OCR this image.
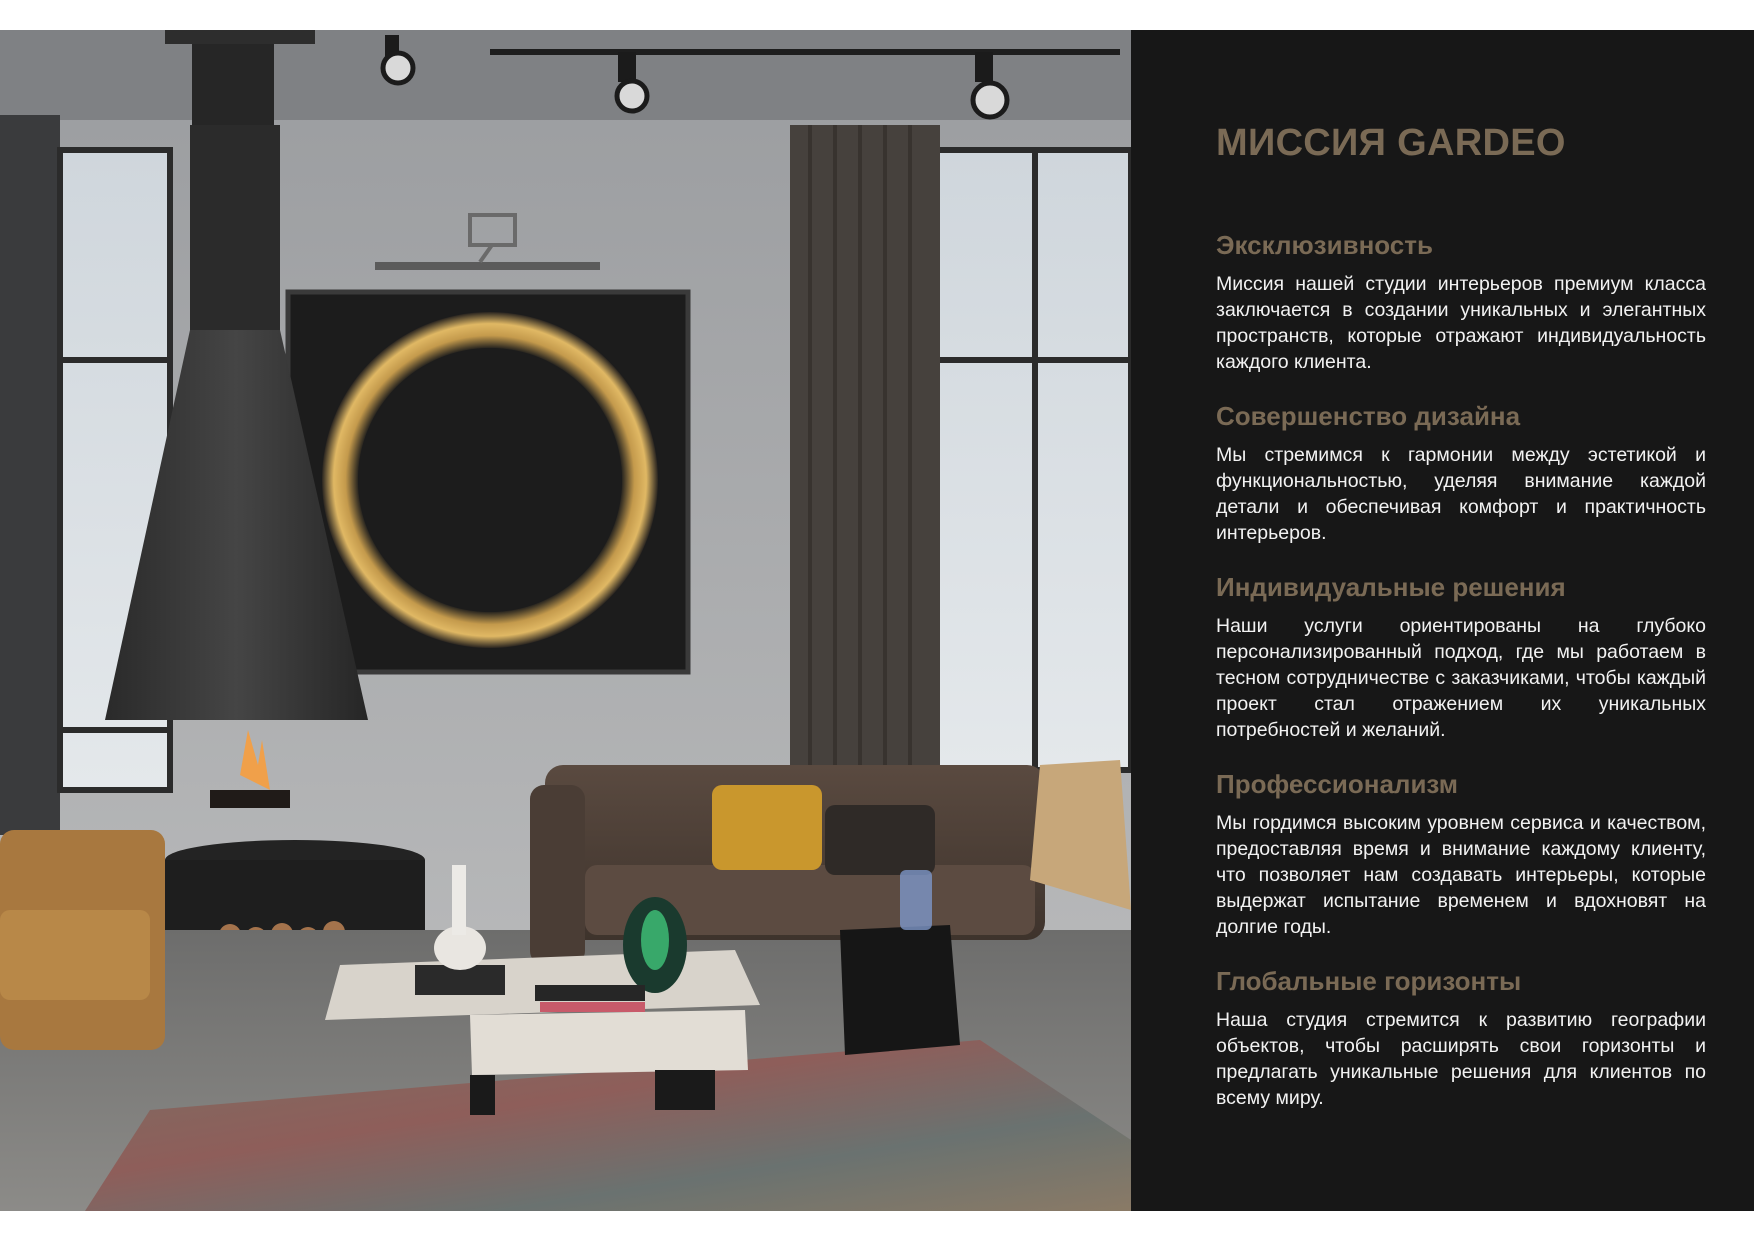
МИССИЯ GARDEO
Эксклюзивность

Миссия нашей студии интерьеров премиум класса заключается в создании уникальных и элегантных пространств, которые отражают индивидуальность каждого клиента.

Совершенство дизайна

Мы стремимся к гармонии между эстетикой и функциональностью, уделяя внимание каждой детали и обеспечивая комфорт и практичность интерьеров.

Индивидуальные решения

Наши услуги ориентированы на глубоко персонализированный подход, где мы работаем в тесном сотрудничестве с заказчиками, чтобы каждый проект стал отражением их уникальных потребностей и желаний.

Профессионализм

Мы гордимся высоким уровнем сервиса и качеством, предоставляя время и внимание каждому клиенту, что позволяет нам создавать интерьеры, которые выдержат испытание временем и вдохновят на долгие годы.

Глобальные горизонты

Наша студия стремится к развитию географии объектов, чтобы расширять свои горизонты и предлагать уникальные решения для клиентов по всему миру.
